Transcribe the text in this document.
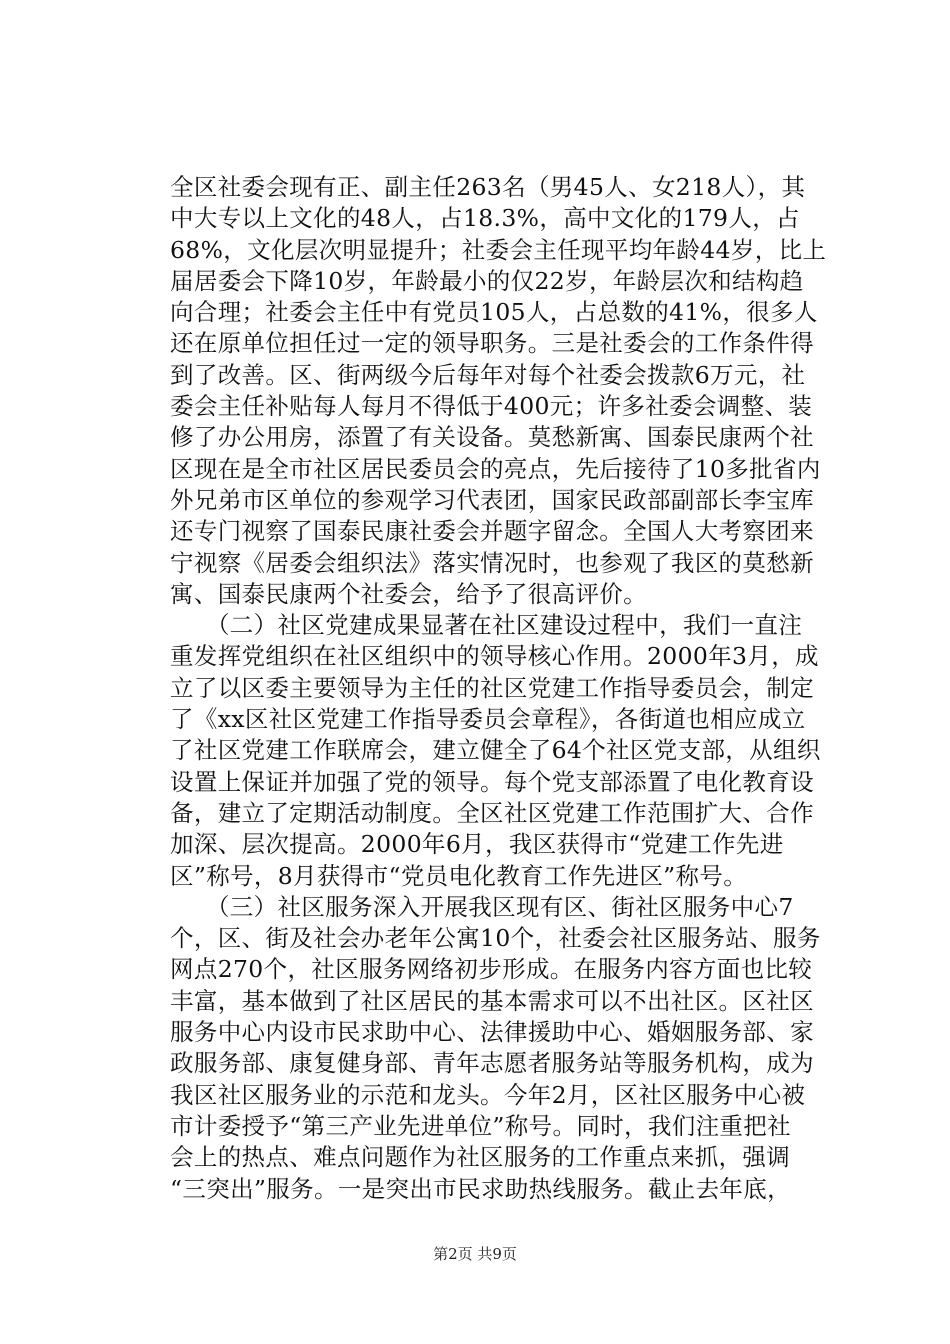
全区社委会现有正、副主任263名（男45人、女218人），其
中大专以上文化的48人，占18.3%，高中文化的179人，占
68%，文化层次明显提升；社委会主任现平均年龄44岁，比上
届居委会下降10岁，年龄最小的仅22岁，年龄层次和结构趋
向合理；社委会主任中有党员105人，占总数的41%，很多人
还在原单位担任过一定的领导职务。三是社委会的工作条件得
到了改善。区、街两级今后每年对每个社委会拨款6万元，社
委会主任补贴每人每月不得低于400元；许多社委会调整、装
修了办公用房，添置了有关设备。莫愁新寓、国泰民康两个社
区现在是全市社区居民委员会的亮点，先后接待了10多批省内
外兄弟市区单位的参观学习代表团，国家民政部副部长李宝库
还专门视察了国泰民康社委会并题字留念。全国人大考察团来
宁视察《居委会组织法》落实情况时，也参观了我区的莫愁新
寓、国泰民康两个社委会，给予了很高评价。
　　（二）社区党建成果显著在社区建设过程中，我们一直注
重发挥党组织在社区组织中的领导核心作用。2000年3月，成
立了以区委主要领导为主任的社区党建工作指导委员会，制定
了《xx区社区党建工作指导委员会章程》，各街道也相应成立
了社区党建工作联席会，建立健全了64个社区党支部，从组织
设置上保证并加强了党的领导。每个党支部添置了电化教育设
备，建立了定期活动制度。全区社区党建工作范围扩大、合作
加深、层次提高。2000年6月，我区获得市“党建工作先进
区”称号，8月获得市“党员电化教育工作先进区”称号。
　　（三）社区服务深入开展我区现有区、街社区服务中心7
个，区、街及社会办老年公寓10个，社委会社区服务站、服务
网点270个，社区服务网络初步形成。在服务内容方面也比较
丰富，基本做到了社区居民的基本需求可以不出社区。区社区
服务中心内设市民求助中心、法律援助中心、婚姻服务部、家
政服务部、康复健身部、青年志愿者服务站等服务机构，成为
我区社区服务业的示范和龙头。今年2月，区社区服务中心被
市计委授予“第三产业先进单位”称号。同时，我们注重把社
会上的热点、难点问题作为社区服务的工作重点来抓，强调
“三突出”服务。一是突出市民求助热线服务。截止去年底，
第2页 共9页
